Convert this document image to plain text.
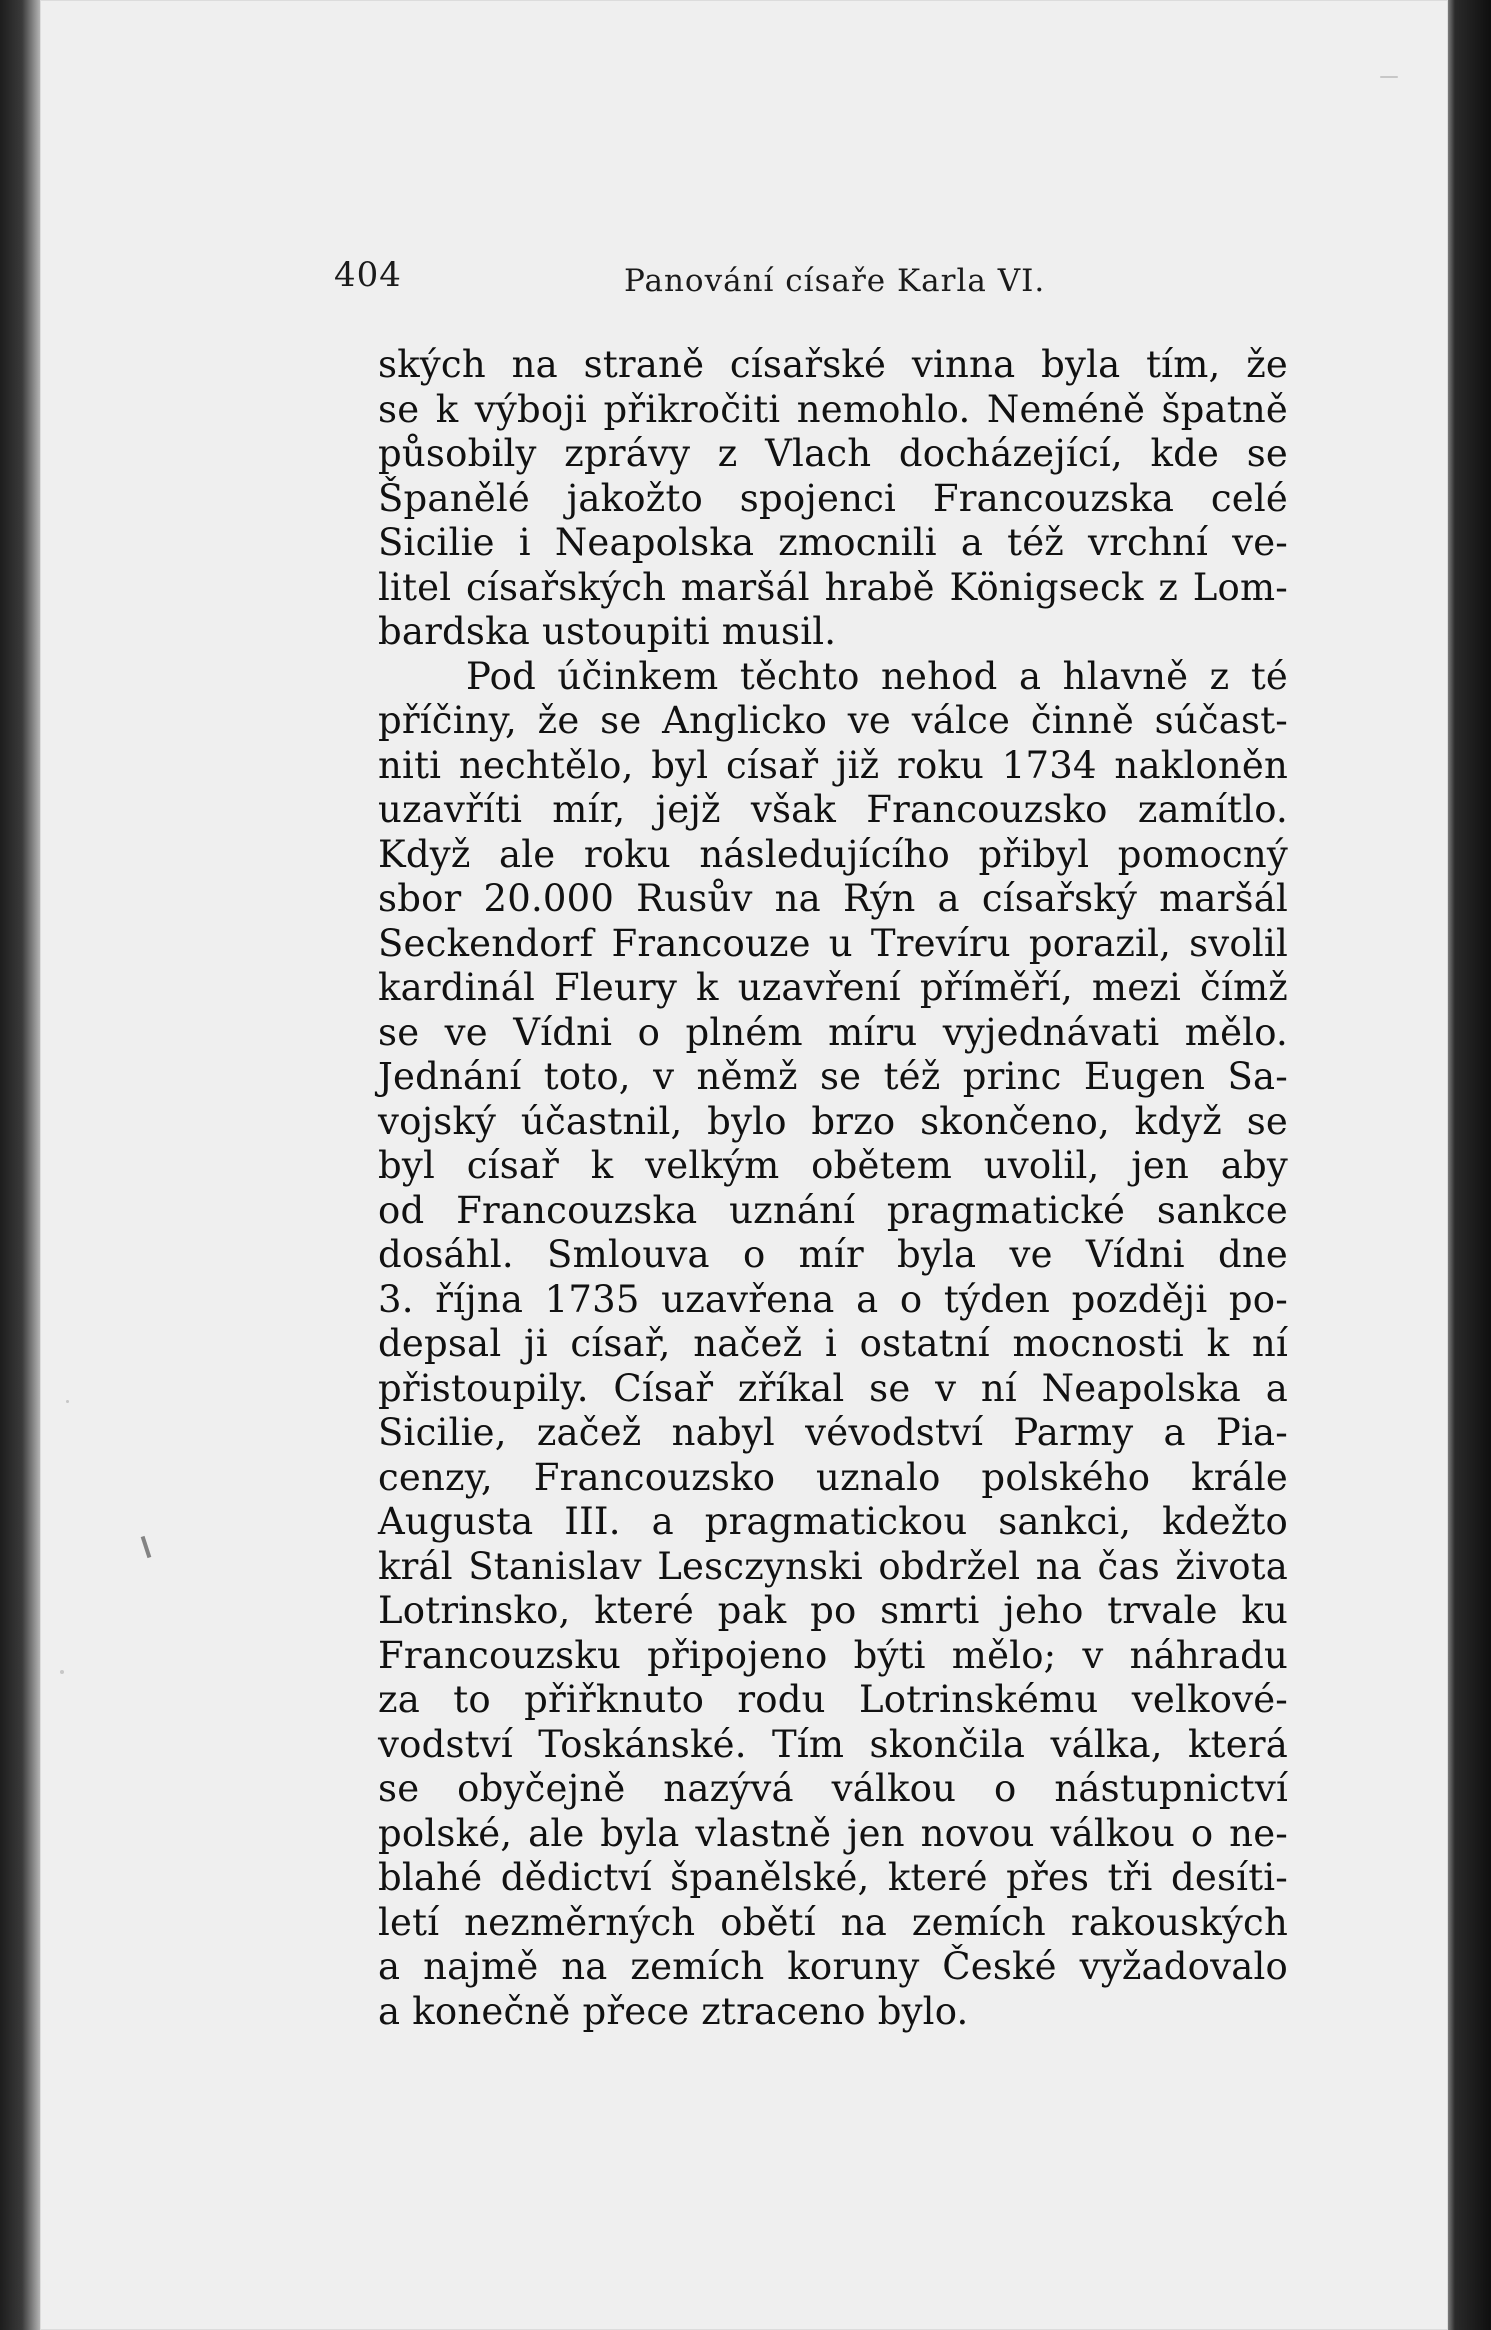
404	Panování císaře Karla VI.
ských na straně císařské vinna byla tím, že
se k výboji přikročiti nemohlo. Neméně špatně
působily zprávy z Vlach docházející, kde se
Španělé jakožto spojenci Francouzska celé
Sicilie i Neapolska zmocnili a též vrchní ve-
litel císařských maršál hrabě Königseck z Lom-
bardska ustoupiti musil.
Pod účinkem těchto nehod a hlavně z té
příčiny, že se Anglicko ve válce činně súčast-
niti nechtělo, byl císař již roku 1734 nakloněn
uzavříti mír, jejž však Francouzsko zamítlo.
Když ale roku následujícího přibyl pomocný
sbor 20.000 Rusův na Rýn a císařský maršál
Seckendorf Francouze u Trevíru porazil, svolil
kardinál Fleury k uzavření příměří, mezi čímž
se ve Vídni o plném míru vyjednávati mělo.
Jednání toto, v němž se též princ Eugen Sa-
vojský účastnil, bylo brzo skončeno, když se
byl císař k velkým obětem uvolil, jen aby
od Francouzska uznání pragmatické sankce
dosáhl. Smlouva o mír byla ve Vídni dne
3. října 1735 uzavřena a o týden později po-
depsal ji císař, načež i ostatní mocnosti k ní
přistoupily. Císař zříkal se v ní Neapolska a
Sicilie, začež nabyl vévodství Parmy a Pia-
cenzy, Francouzsko uznalo polského krále
Augusta III. a pragmatickou sankci, kdežto
král Stanislav Lesczynski obdržel na čas života
Lotrinsko, které pak po smrti jeho trvale ku
Francouzsku připojeno býti mělo; v náhradu
za to přiřknuto rodu Lotrinskému velkové-
vodství Toskánské. Tím skončila válka, která
se obyčejně nazývá válkou o nástupnictví
polské, ale byla vlastně jen novou válkou o ne-
blahé dědictví španělské, které přes tři desíti-
letí nezměrných obětí na zemích rakouských
a najmě na zemích koruny České vyžadovalo
a konečně přece ztraceno bylo.
